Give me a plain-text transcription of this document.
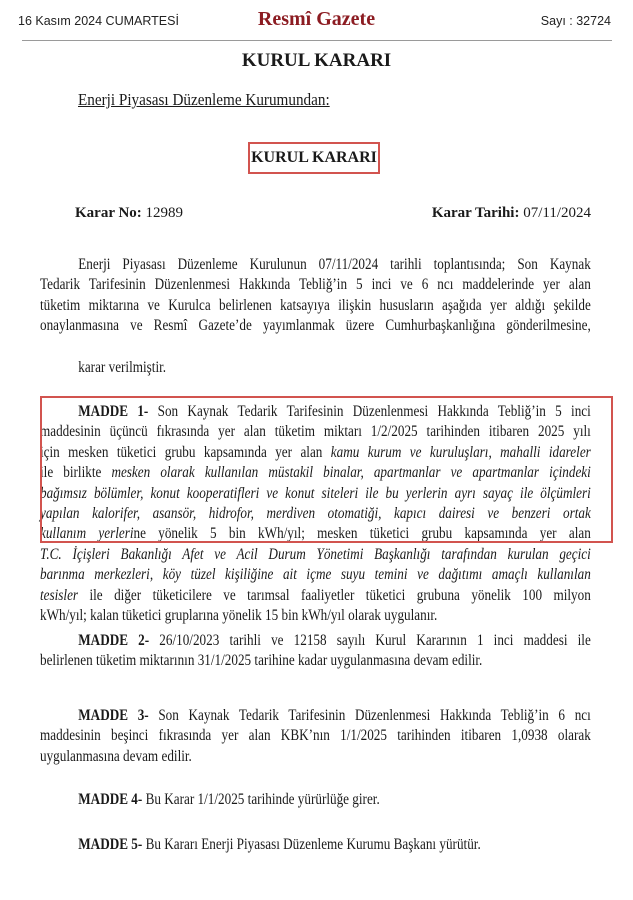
16 Kasım 2024 CUMARTESİ	Resmî Gazete	Sayı : 32724
KURUL KARARI
Enerji Piyasası Düzenleme Kurumundan:
KURUL KARARI
Karar No: 12989	Karar Tarihi: 07/11/2024
Enerji Piyasası Düzenleme Kurulunun 07/11/2024 tarihli toplantısında; Son Kaynak
Tedarik Tarifesinin Düzenlenmesi Hakkında Tebliğ’in 5 inci ve 6 ncı maddelerinde yer alan
tüketim miktarına ve Kurulca belirlenen katsayıya ilişkin hususların aşağıda yer aldığı şekilde
onaylanmasına ve Resmî Gazete’de yayımlanmak üzere Cumhurbaşkanlığına gönderilmesine,
karar verilmiştir.
MADDE 1- Son Kaynak Tedarik Tarifesinin Düzenlenmesi Hakkında Tebliğ’in 5 inci
maddesinin üçüncü fıkrasında yer alan tüketim miktarı 1/2/2025 tarihinden itibaren 2025 yılı
için mesken tüketici grubu kapsamında yer alan kamu kurum ve kuruluşları, mahalli idareler
ile birlikte mesken olarak kullanılan müstakil binalar, apartmanlar ve apartmanlar içindeki
bağımsız bölümler, konut kooperatifleri ve konut siteleri ile bu yerlerin ayrı sayaç ile ölçümleri
yapılan kalorifer, asansör, hidrofor, merdiven otomatiği, kapıcı dairesi ve benzeri ortak
kullanım yerlerine yönelik 5 bin kWh/yıl; mesken tüketici grubu kapsamında yer alan
T.C. İçişleri Bakanlığı Afet ve Acil Durum Yönetimi Başkanlığı tarafından kurulan geçici
barınma merkezleri, köy tüzel kişiliğine ait içme suyu temini ve dağıtımı amaçlı kullanılan
tesisler ile diğer tüketicilere ve tarımsal faaliyetler tüketici grubuna yönelik 100 milyon
kWh/yıl; kalan tüketici gruplarına yönelik 15 bin kWh/yıl olarak uygulanır.
MADDE 2- 26/10/2023 tarihli ve 12158 sayılı Kurul Kararının 1 inci maddesi ile
belirlenen tüketim miktarının 31/1/2025 tarihine kadar uygulanmasına devam edilir.
MADDE 3- Son Kaynak Tedarik Tarifesinin Düzenlenmesi Hakkında Tebliğ’in 6 ncı
maddesinin beşinci fıkrasında yer alan KBK’nın 1/1/2025 tarihinden itibaren 1,0938 olarak
uygulanmasına devam edilir.
MADDE 4- Bu Karar 1/1/2025 tarihinde yürürlüğe girer.
MADDE 5- Bu Kararı Enerji Piyasası Düzenleme Kurumu Başkanı yürütür.
